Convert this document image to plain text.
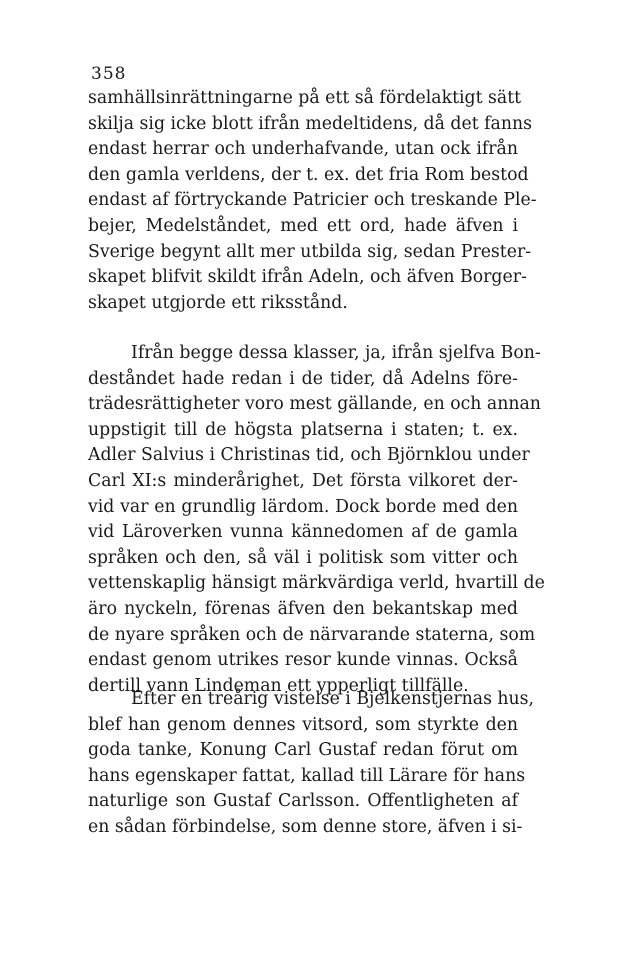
358
samhällsinrättningarne på ett så fördelaktigt sätt
skilja sig icke blott ifrån medeltidens, då det fanns
endast herrar och underhafvande, utan ock ifrån
den gamla verldens, der t. ex. det fria Rom bestod
endast af förtryckande Patricier och treskande Ple-
bejer, Medelståndet, med ett ord, hade äfven i
Sverige begynt allt mer utbilda sig, sedan Prester-
skapet blifvit skildt ifrån Adeln, och äfven Borger-
skapet utgjorde ett riksstånd.
Ifrån begge dessa klasser, ja, ifrån sjelfva Bon-
deståndet hade redan i de tider, då Adelns före-
trädesrättigheter voro mest gällande, en och annan
uppstigit till de högsta platserna i staten; t. ex.
Adler Salvius i Christinas tid, och Björnklou under
Carl XI:s minderårighet, Det första vilkoret der-
vid var en grundlig lärdom. Dock borde med den
vid Läroverken vunna kännedomen af de gamla
språken och den, så väl i politisk som vitter och
vettenskaplig hänsigt märkvärdiga verld, hvartill de
äro nyckeln, förenas äfven den bekantskap med
de nyare språken och de närvarande staterna, som
endast genom utrikes resor kunde vinnas. Också
dertill vann Lindeman ett ypperligt tillfälle.
Efter en treårig vistelse i Bjelkenstjernas hus,
blef han genom dennes vitsord, som styrkte den
goda tanke, Konung Carl Gustaf redan förut om
hans egenskaper fattat, kallad till Lärare för hans
naturlige son Gustaf Carlsson. Offentligheten af
en sådan förbindelse, som denne store, äfven i si-
